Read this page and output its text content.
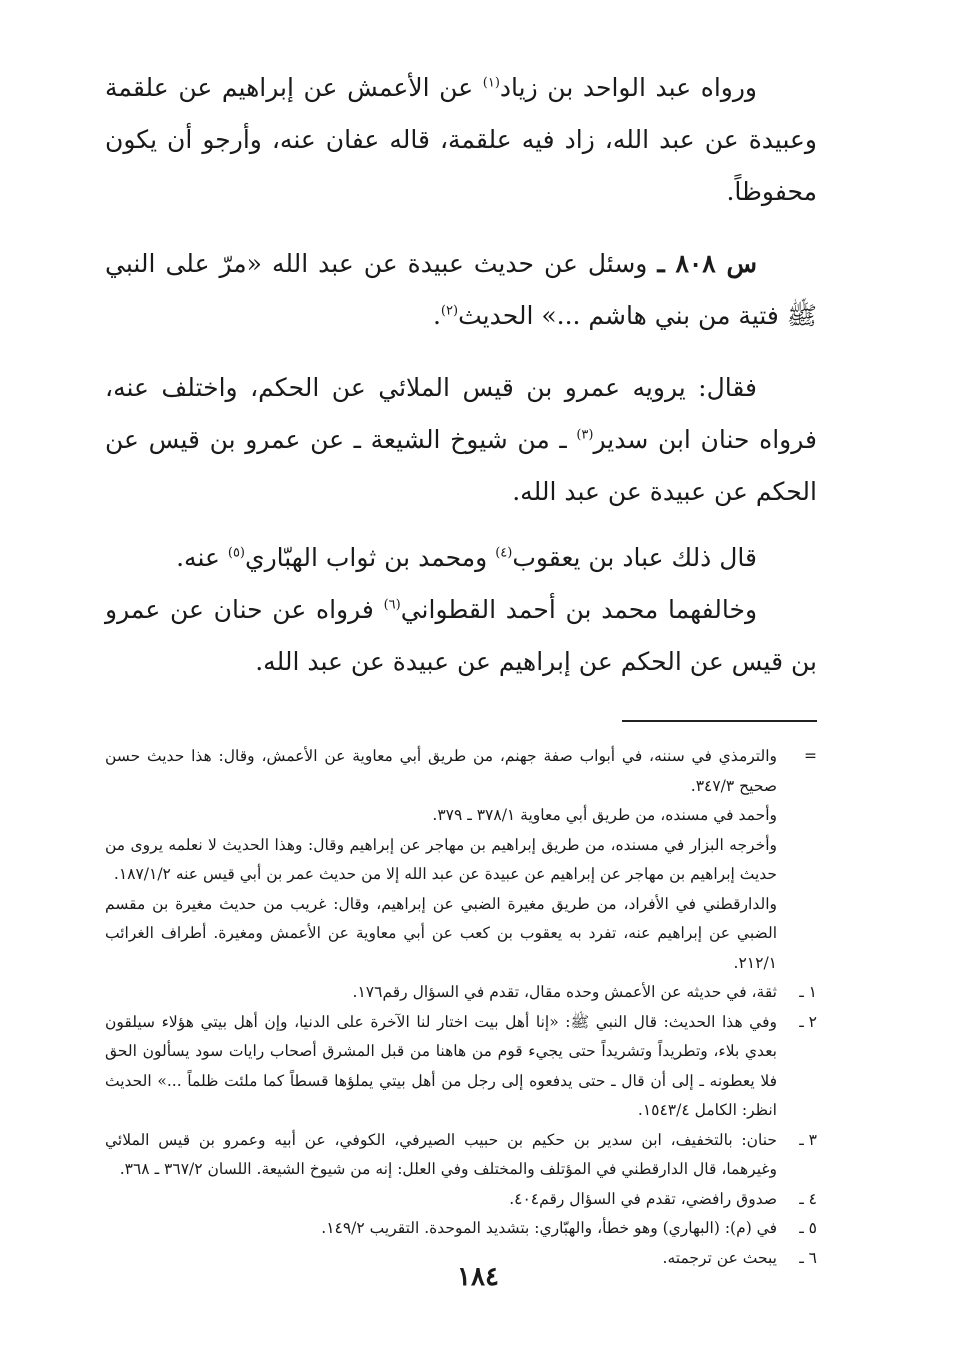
ورواه عبد الواحد بن زياد$^{(١)}$ عن الأعمش عن إبراهيم عن علقمة وعبيدة عن عبد الله، زاد فيه علقمة، قاله عفان عنه، وأرجو أن يكون محفوظاً.

س ٨٠٨ ـ وسئل عن حديث عبيدة عن عبد الله «مرّ على النبي ﷺ فتية من بني هاشم ...» الحديث$^{(٢)}$.

فقال: يرويه عمرو بن قيس الملائي عن الحكم، واختلف عنه، فرواه حنان ابن سدير$^{(٣)}$ ـ من شيوخ الشيعة ـ عن عمرو بن قيس عن الحكم عن عبيدة عن عبد الله.

قال ذلك عباد بن يعقوب$^{(٤)}$ ومحمد بن ثواب الهبّاري$^{(٥)}$ عنه.

وخالفهما محمد بن أحمد القطواني$^{(٦)}$ فرواه عن حنان عن عمرو بن قيس عن الحكم عن إبراهيم عن عبيدة عن عبد الله.

=

والترمذي في سننه، في أبواب صفة جهنم، من طريق أبي معاوية عن الأعمش، وقال: هذا حديث حسن صحيح ٣٤٧/٣.

وأحمد في مسنده، من طريق أبي معاوية ٣٧٨/١ ـ ٣٧٩.

وأخرجه البزار في مسنده، من طريق إبراهيم بن مهاجر عن إبراهيم وقال: وهذا الحديث لا نعلمه يروى من حديث إبراهيم بن مهاجر عن إبراهيم عن عبيدة عن عبد الله إلا من حديث عمر بن أبي قيس عنه ١٨٧/١/٢.

والدارقطني في الأفراد، من طريق مغيرة الضبي عن إبراهيم، وقال: غريب من حديث مغيرة بن مقسم الضبي عن إبراهيم عنه، تفرد به يعقوب بن كعب عن أبي معاوية عن الأعمش ومغيرة. أطراف الغرائب ٢١٢/١.

١ ـ
ثقة، في حديثه عن الأعمش وحده مقال، تقدم في السؤال رقم١٧٦.
٢ ـ
وفي هذا الحديث: قال النبي ﷺ: «إنا أهل بيت اختار لنا الآخرة على الدنيا، وإن أهل بيتي هؤلاء سيلقون بعدي بلاء، وتطريداً وتشريداً حتى يجيء قوم من هاهنا من قبل المشرق أصحاب رايات سود يسألون الحق فلا يعطونه ـ إلى أن قال ـ حتى يدفعوه إلى رجل من أهل بيتي يملؤها قسطاً كما ملئت ظلماً ...» الحديث انظر: الكامل ١٥٤٣/٤.
٣ ـ
حنان: بالتخفيف، ابن سدير بن حكيم بن حبيب الصيرفي، الكوفي، عن أبيه وعمرو بن قيس الملائي وغيرهما، قال الدارقطني في المؤتلف والمختلف وفي العلل: إنه من شيوخ الشيعة. اللسان ٣٦٧/٢ ـ ٣٦٨.
٤ ـ
صدوق رافضي، تقدم في السؤال رقم٤٠٤.
٥ ـ
في (م): (البهاري) وهو خطأ، والهبّاري: بتشديد الموحدة. التقريب ١٤٩/٢.
٦ ـ
يبحث عن ترجمته.
١٨٤
